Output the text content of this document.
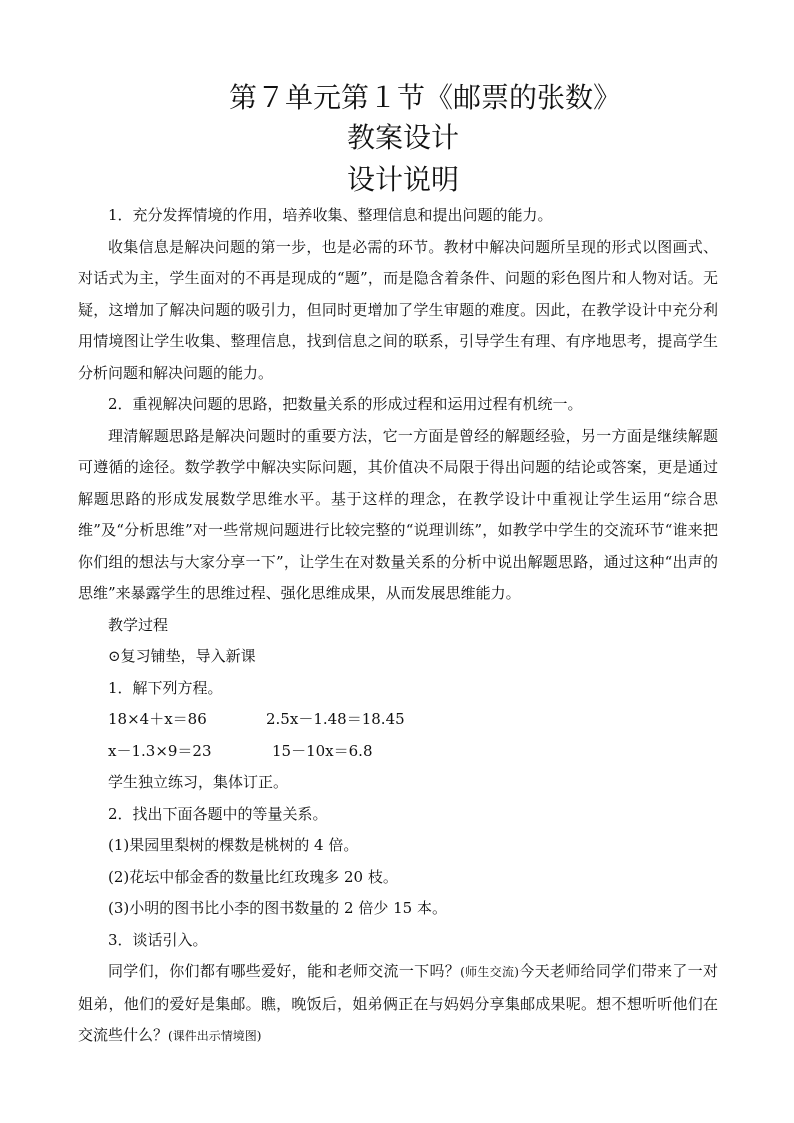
第７单元第１节《邮票的张数》
教案设计
设计说明

1．充分发挥情境的作用，培养收集、整理信息和提出问题的能力。

收集信息是解决问题的第一步，也是必需的环节。教材中解决问题所呈现的形式以图画式、对话式为主，学生面对的不再是现成的“题”，而是隐含着条件、问题的彩色图片和人物对话。无疑，这增加了解决问题的吸引力，但同时更增加了学生审题的难度。因此，在教学设计中充分利用情境图让学生收集、整理信息，找到信息之间的联系，引导学生有理、有序地思考，提高学生分析问题和解决问题的能力。

2．重视解决问题的思路，把数量关系的形成过程和运用过程有机统一。

理清解题思路是解决问题时的重要方法，它一方面是曾经的解题经验，另一方面是继续解题可遵循的途径。数学教学中解决实际问题，其价值决不局限于得出问题的结论或答案，更是通过解题思路的形成发展数学思维水平。基于这样的理念，在教学设计中重视让学生运用“综合思维”及“分析思维”对一些常规问题进行比较完整的“说理训练”，如教学中学生的交流环节“谁来把你们组的想法与大家分享一下”，让学生在对数量关系的分析中说出解题思路，通过这种“出声的思维”来暴露学生的思维过程、强化思维成果，从而发展思维能力。

教学过程

⊙复习铺垫，导入新课

1．解下列方程。

18×4＋x＝86	2.5x－1.48＝18.45

x－1.3×9＝23	15－10x＝6.8

学生独立练习，集体订正。

2．找出下面各题中的等量关系。

(1)果园里梨树的棵数是桃树的 4 倍。

(2)花坛中郁金香的数量比红玫瑰多 20 枝。

(3)小明的图书比小李的图书数量的 2 倍少 15 本。

3．谈话引入。

同学们，你们都有哪些爱好，能和老师交流一下吗？(师生交流)今天老师给同学们带来了一对姐弟，他们的爱好是集邮。瞧，晚饭后，姐弟俩正在与妈妈分享集邮成果呢。想不想听听他们在交流些什么？(课件出示情境图)
